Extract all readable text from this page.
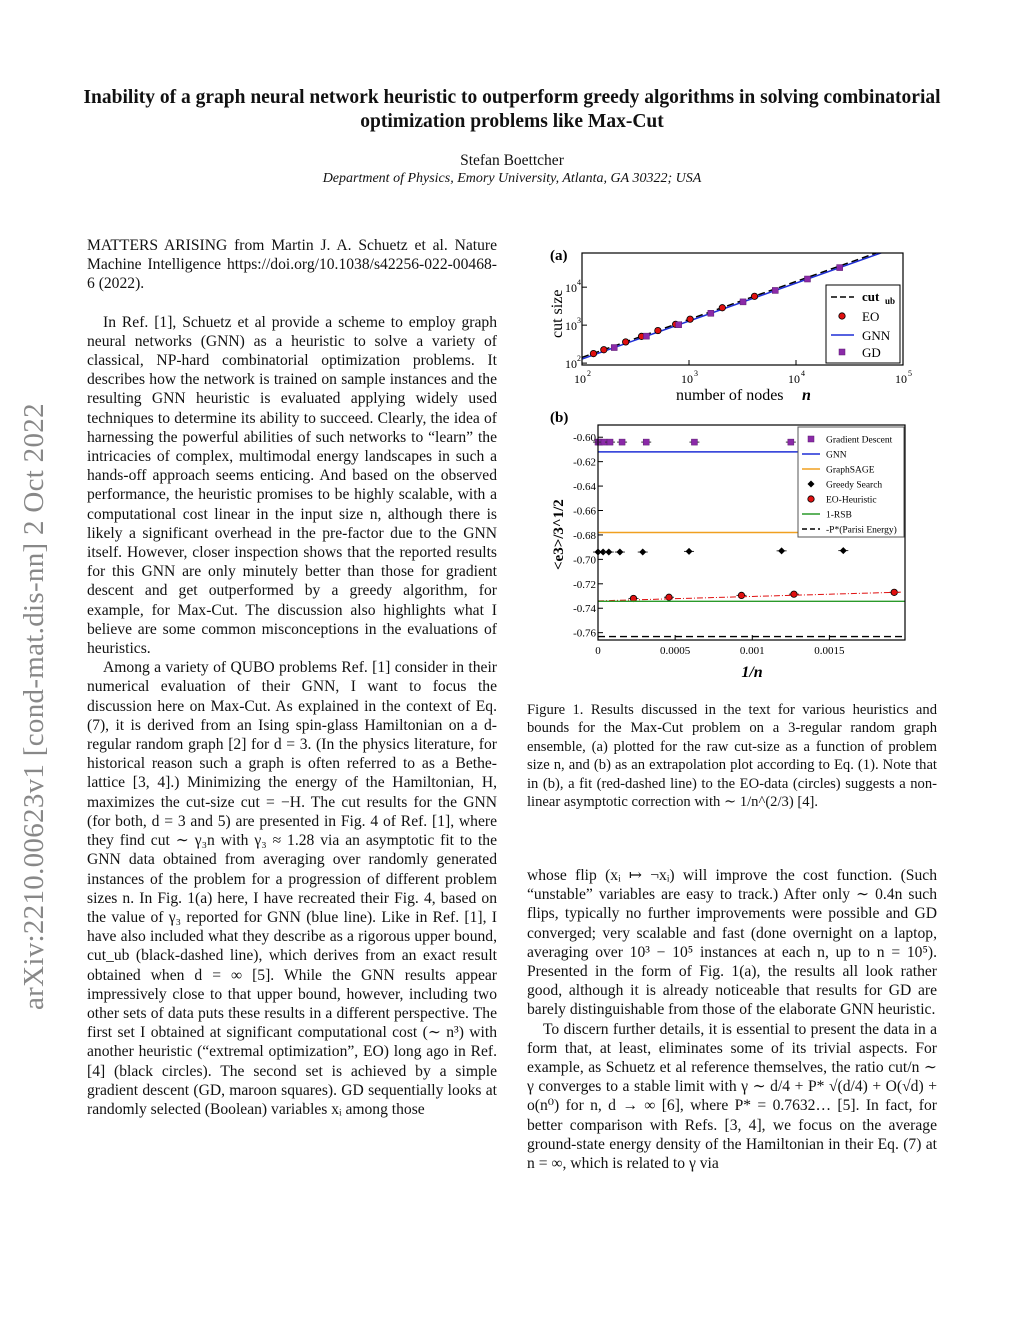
arXiv:2210.00623v1 [cond-mat.dis-nn] 2 Oct 2022
Inability of a graph neural network heuristic to outperform greedy algorithms in solving combinatorial optimization problems like Max-Cut
Stefan Boettcher
Department of Physics, Emory University, Atlanta, GA 30322; USA

MATTERS ARISING from Martin J. A. Schuetz et al. Nature Machine Intelligence https://doi.org/10.1038/s42256-022-00468-6 (2022).

In Ref. [1], Schuetz et al provide a scheme to employ graph neural networks (GNN) as a heuristic to solve a variety of classical, NP-hard combinatorial optimization problems. It describes how the network is trained on sample instances and the resulting GNN heuristic is evaluated applying widely used techniques to determine its ability to succeed. Clearly, the idea of harnessing the powerful abilities of such networks to “learn” the intricacies of complex, multimodal energy landscapes in such a hands-off approach seems enticing. And based on the observed performance, the heuristic promises to be highly scalable, with a computational cost linear in the input size n, although there is likely a significant overhead in the pre-factor due to the GNN itself. However, closer inspection shows that the reported results for this GNN are only minutely better than those for gradient descent and get outperformed by a greedy algorithm, for example, for Max-Cut. The discussion also highlights what I believe are some common misconceptions in the evaluations of heuristics.

Among a variety of QUBO problems Ref. [1] consider in their numerical evaluation of their GNN, I want to focus the discussion here on Max-Cut. As explained in the context of Eq. (7), it is derived from an Ising spin-glass Hamiltonian on a d-regular random graph [2] for d = 3. (In the physics literature, for historical reason such a graph is often referred to as a Bethe-lattice [3, 4].) Minimizing the energy of the Hamiltonian, H, maximizes the cut-size cut = −H. The cut results for the GNN (for both, d = 3 and 5) are presented in Fig. 4 of Ref. [1], where they find cut ∼ γ₃n with γ₃ ≈ 1.28 via an asymptotic fit to the GNN data obtained from averaging over randomly generated instances of the problem for a progression of different problem sizes n. In Fig. 1(a) here, I have recreated their Fig. 4, based on the value of γ₃ reported for GNN (blue line). Like in Ref. [1], I have also included what they describe as a rigorous upper bound, cut_ub (black-dashed line), which derives from an exact result obtained when d = ∞ [5]. While the GNN results appear impressively close to that upper bound, however, including two other sets of data puts these results in a different perspective. The first set I obtained at significant computational cost (∼ n³) with another heuristic (“extremal optimization”, EO) long ago in Ref. [4] (black circles). The second set is achieved by a simple gradient descent (GD, maroon squares). GD sequentially looks at randomly selected (Boolean) variables xᵢ among those

(a)
10 2	10 3	10 4	10 5
10 2
10 3
10 4
number of nodes n
cut size	cut ub
EO
GNN
GD
(b)
0	0.0005	0.001	0.0015
-0.60
-0.62
-0.64
-0.66
-0.68
-0.70
-0.72
-0.74
-0.76
1/n
<e3>/3^1/2
Gradient Descent
GNN
GraphSAGE
Greedy Search
EO-Heuristic
1-RSB
-P*(Parisi Energy)
Figure 1. Results discussed in the text for various heuristics and bounds for the Max-Cut problem on a 3-regular random graph ensemble, (a) plotted for the raw cut-size as a function of problem size n, and (b) as an extrapolation plot according to Eq. (1). Note that in (b), a fit (red-dashed line) to the EO-data (circles) suggests a non-linear asymptotic correction with ∼ 1/n^(2/3) [4].

whose flip (xᵢ ↦ ¬xᵢ) will improve the cost function. (Such “unstable” variables are easy to track.) After only ∼ 0.4n such flips, typically no further improvements were possible and GD converged; very scalable and fast (done overnight on a laptop, averaging over 10³ − 10⁵ instances at each n, up to n = 10⁵). Presented in the form of Fig. 1(a), the results all look rather good, although it is already noticeable that results for GD are barely distinguishable from those of the elaborate GNN heuristic.

To discern further details, it is essential to present the data in a form that, at least, eliminates some of its trivial aspects. For example, as Schuetz et al reference themselves, the ratio cut/n ∼ γ converges to a stable limit with γ ∼ d/4 + P* √(d/4) + O(√d) + o(n⁰) for n, d → ∞ [6], where P* = 0.7632… [5]. In fact, for better comparison with Refs. [3, 4], we focus on the average ground-state energy density of the Hamiltonian in their Eq. (7) at n = ∞, which is related to γ via
